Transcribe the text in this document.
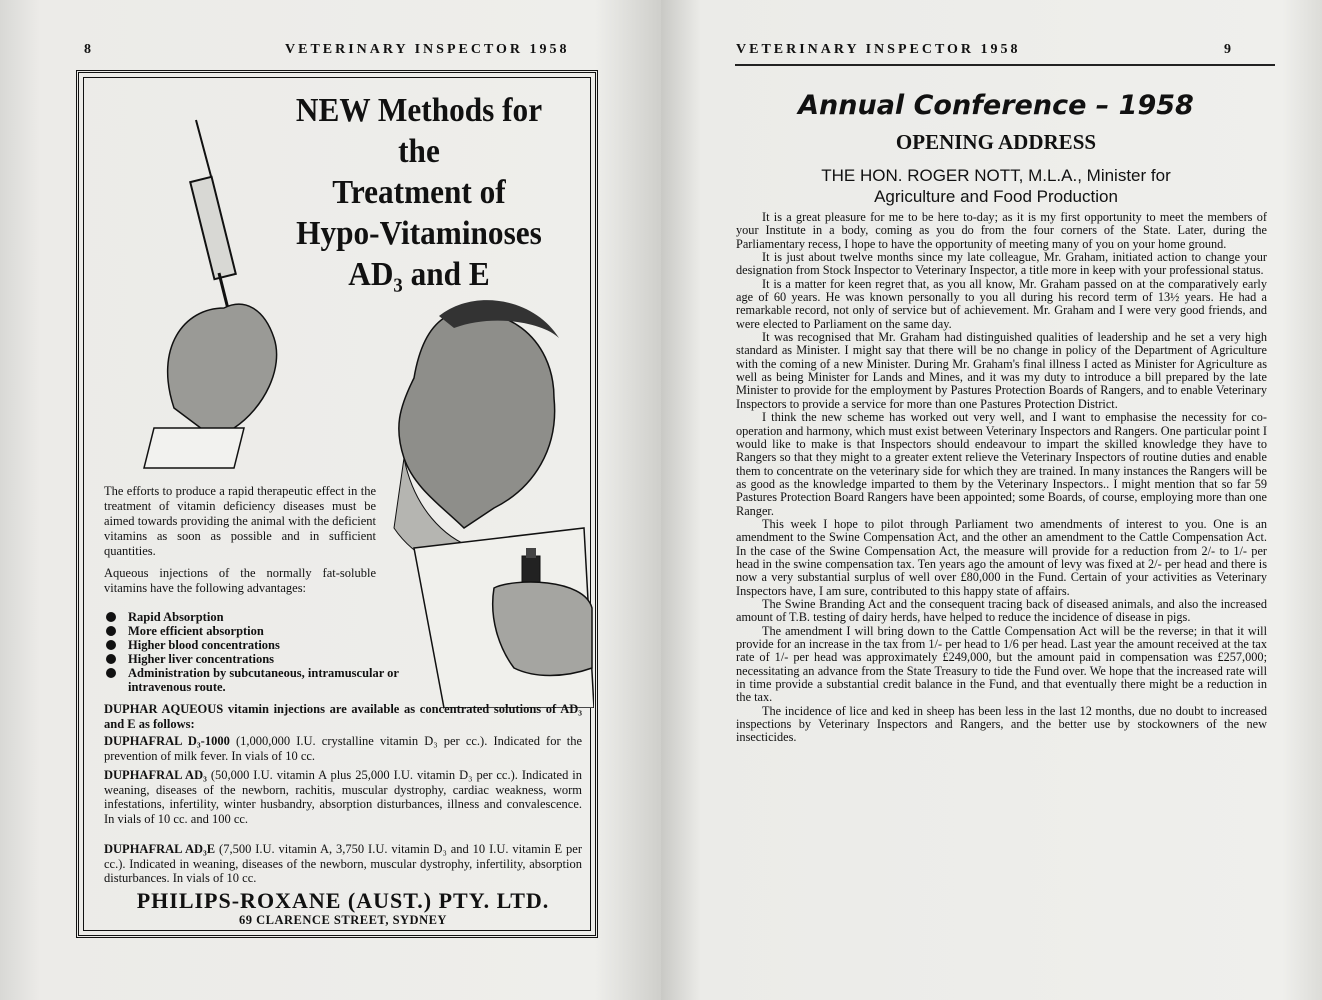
8	VETERINARY INSPECTOR 1958
NEW Methods for the
Treatment of
Hypo-Vitaminoses
AD₃ and E
The efforts to produce a rapid therapeutic effect in the treatment of vitamin deficiency diseases must be aimed towards providing the animal with the deficient vitamins as soon as possible and in sufficient quantities.
Aqueous injections of the normally fat-soluble vitamins have the following advantages:
Rapid Absorption
More efficient absorption
Higher blood concentrations
Higher liver concentrations
Administration by subcutaneous, intramuscular or intravenous route.
DUPHAR AQUEOUS vitamin injections are available as concentrated solutions of AD₃ and E as follows:
DUPHAFRAL D₃-1000 (1,000,000 I.U. crystalline vitamin D₃ per cc.). Indicated for the prevention of milk fever. In vials of 10 cc.
DUPHAFRAL AD₃ (50,000 I.U. vitamin A plus 25,000 I.U. vitamin D₃ per cc.). Indicated in weaning, diseases of the newborn, rachitis, muscular dystrophy, cardiac weakness, worm infestations, infertility, winter husbandry, absorption disturbances, illness and convalescence. In vials of 10 cc. and 100 cc.
DUPHAFRAL AD₃E (7,500 I.U. vitamin A, 3,750 I.U. vitamin D₃ and 10 I.U. vitamin E per cc.). Indicated in weaning, diseases of the newborn, muscular dystrophy, infertility, absorption disturbances. In vials of 10 cc.
PHILIPS-ROXANE (AUST.) PTY. LTD.
69 CLARENCE STREET, SYDNEY
VETERINARY INSPECTOR 1958	9
Annual Conference – 1958
OPENING ADDRESS
THE HON. ROGER NOTT, M.L.A., Minister for
Agriculture and Food Production

It is a great pleasure for me to be here to-day; as it is my first opportunity to meet the members of your Institute in a body, coming as you do from the four corners of the State. Later, during the Parliamentary recess, I hope to have the opportunity of meeting many of you on your home ground.

It is just about twelve months since my late colleague, Mr. Graham, initiated action to change your designation from Stock Inspector to Veterinary Inspector, a title more in keep with your professional status.

It is a matter for keen regret that, as you all know, Mr. Graham passed on at the comparatively early age of 60 years. He was known personally to you all during his record term of 13½ years. He had a remarkable record, not only of service but of achievement. Mr. Graham and I were very good friends, and were elected to Parliament on the same day.

It was recognised that Mr. Graham had distinguished qualities of leadership and he set a very high standard as Minister. I might say that there will be no change in policy of the Department of Agriculture with the coming of a new Minister. During Mr. Graham's final illness I acted as Minister for Agriculture as well as being Minister for Lands and Mines, and it was my duty to introduce a bill prepared by the late Minister to provide for the employment by Pastures Protection Boards of Rangers, and to enable Veterinary Inspectors to provide a service for more than one Pastures Protection District.

I think the new scheme has worked out very well, and I want to emphasise the necessity for co-operation and harmony, which must exist between Veterinary Inspectors and Rangers. One particular point I would like to make is that Inspectors should endeavour to impart the skilled knowledge they have to Rangers so that they might to a greater extent relieve the Veterinary Inspectors of routine duties and enable them to concentrate on the veterinary side for which they are trained. In many instances the Rangers will be as good as the knowledge imparted to them by the Veterinary Inspectors.. I might mention that so far 59 Pastures Protection Board Rangers have been appointed; some Boards, of course, employing more than one Ranger.

This week I hope to pilot through Parliament two amendments of interest to you. One is an amendment to the Swine Compensation Act, and the other an amendment to the Cattle Compensation Act. In the case of the Swine Compensation Act, the measure will provide for a reduction from 2/- to 1/- per head in the swine compensation tax. Ten years ago the amount of levy was fixed at 2/- per head and there is now a very substantial surplus of well over £80,000 in the Fund. Certain of your activities as Veterinary Inspectors have, I am sure, contributed to this happy state of affairs.

The Swine Branding Act and the consequent tracing back of diseased animals, and also the increased amount of T.B. testing of dairy herds, have helped to reduce the incidence of disease in pigs.

The amendment I will bring down to the Cattle Compensation Act will be the reverse; in that it will provide for an increase in the tax from 1/- per head to 1/6 per head. Last year the amount received at the tax rate of 1/- per head was approximately £249,000, but the amount paid in compensation was £257,000; necessitating an advance from the State Treasury to tide the Fund over. We hope that the increased rate will in time provide a substantial credit balance in the Fund, and that eventually there might be a reduction in the tax.

The incidence of lice and ked in sheep has been less in the last 12 months, due no doubt to increased inspections by Veterinary Inspectors and Rangers, and the better use by stockowners of the new insecticides.
